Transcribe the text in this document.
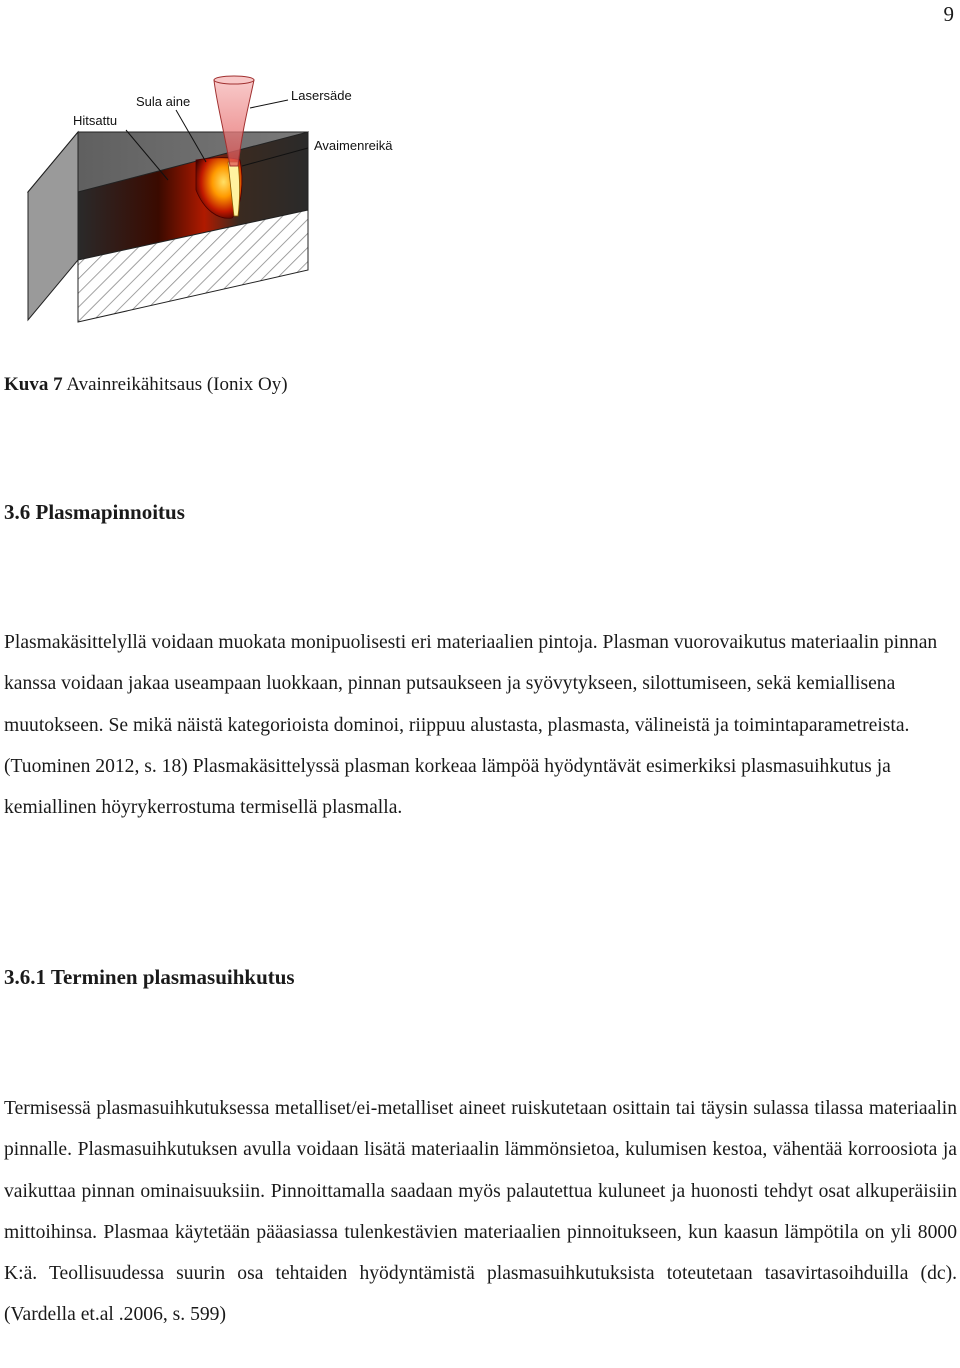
9
Hitsattu
Sula aine	Lasersäde
Avaimenreikä
Kuva 7 Avainreikähitsaus (Ionix Oy)
3.6 Plasmapinnoitus

Plasmakäsittelyllä voidaan muokata monipuolisesti eri materiaalien pintoja. Plasman vuorovaikutus materiaalin pinnan kanssa voidaan jakaa useampaan luokkaan, pinnan putsaukseen ja syövytykseen, silottumiseen, sekä kemiallisena muutokseen. Se mikä näistä kategorioista dominoi, riippuu alustasta, plasmasta, välineistä ja toimintaparametreista. (Tuominen 2012, s. 18) Plasmakäsittelyssä plasman korkeaa lämpöä hyödyntävät esimerkiksi plasmasuihkutus ja kemiallinen höyrykerrostuma termisellä plasmalla.

3.6.1 Terminen plasmasuihkutus

Termisessä plasmasuihkutuksessa metalliset/ei-metalliset aineet ruiskutetaan osittain tai täysin sulassa tilassa materiaalin pinnalle. Plasmasuihkutuksen avulla voidaan lisätä materiaalin lämmönsietoa, kulumisen kestoa, vähentää korroosiota ja vaikuttaa pinnan ominaisuuksiin. Pinnoittamalla saadaan myös palautettua kuluneet ja huonosti tehdyt osat alkuperäisiin mittoihinsa. Plasmaa käytetään pääasiassa tulenkestävien materiaalien pinnoitukseen, kun kaasun lämpötila on yli 8000 K:ä. Teollisuudessa suurin osa tehtaiden hyödyntämistä plasmasuihkutuksista toteutetaan tasavirtasoihduilla (dc). (Vardella et.al .2006, s. 599)
